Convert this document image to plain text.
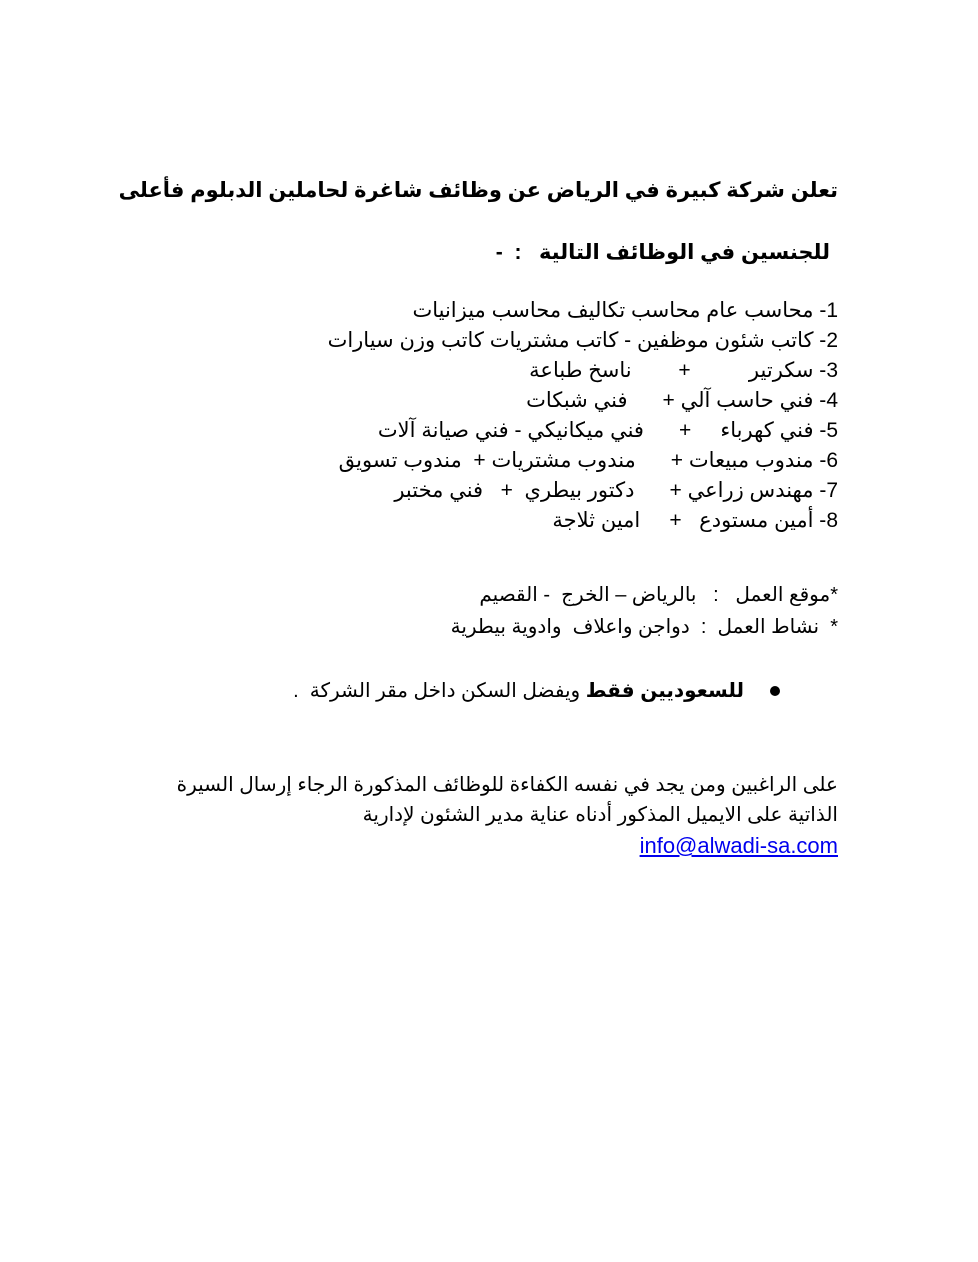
تعلن شركة كبيرة في الرياض عن وظائف شاغرة لحاملين الدبلوم فأعلى
للجنسين في الوظائف التالية   :  -
1- محاسب عام محاسب تكاليف محاسب ميزانيات
2- كاتب شئون موظفين - كاتب مشتريات كاتب وزن سيارات
3- سكرتير          +        ناسخ طباعة
4- فني حاسب آلي +      فني شبكات
5- فني كهرباء     +      فني ميكانيكي - فني صيانة آلات
6- مندوب مبيعات +      مندوب مشتريات +  مندوب تسويق
7- مهندس زراعي +      دكتور بيطري  +   فني مختبر
8- أمين مستودع   +     امين ثلاجة
*موقع العمل   :   بالرياض – الخرج  - القصيم
*  نشاط العمل  :  دواجن واعلاف  وادوية بيطرية
للسعوديين فقط
ويفضل السكن داخل مقر الشركة  .
على الراغبين ومن يجد في نفسه الكفاءة للوظائف المذكورة الرجاء إرسال السيرة
الذاتية على الايميل المذكور أدناه عناية مدير الشئون لإدارية
info@alwadi-sa.com
